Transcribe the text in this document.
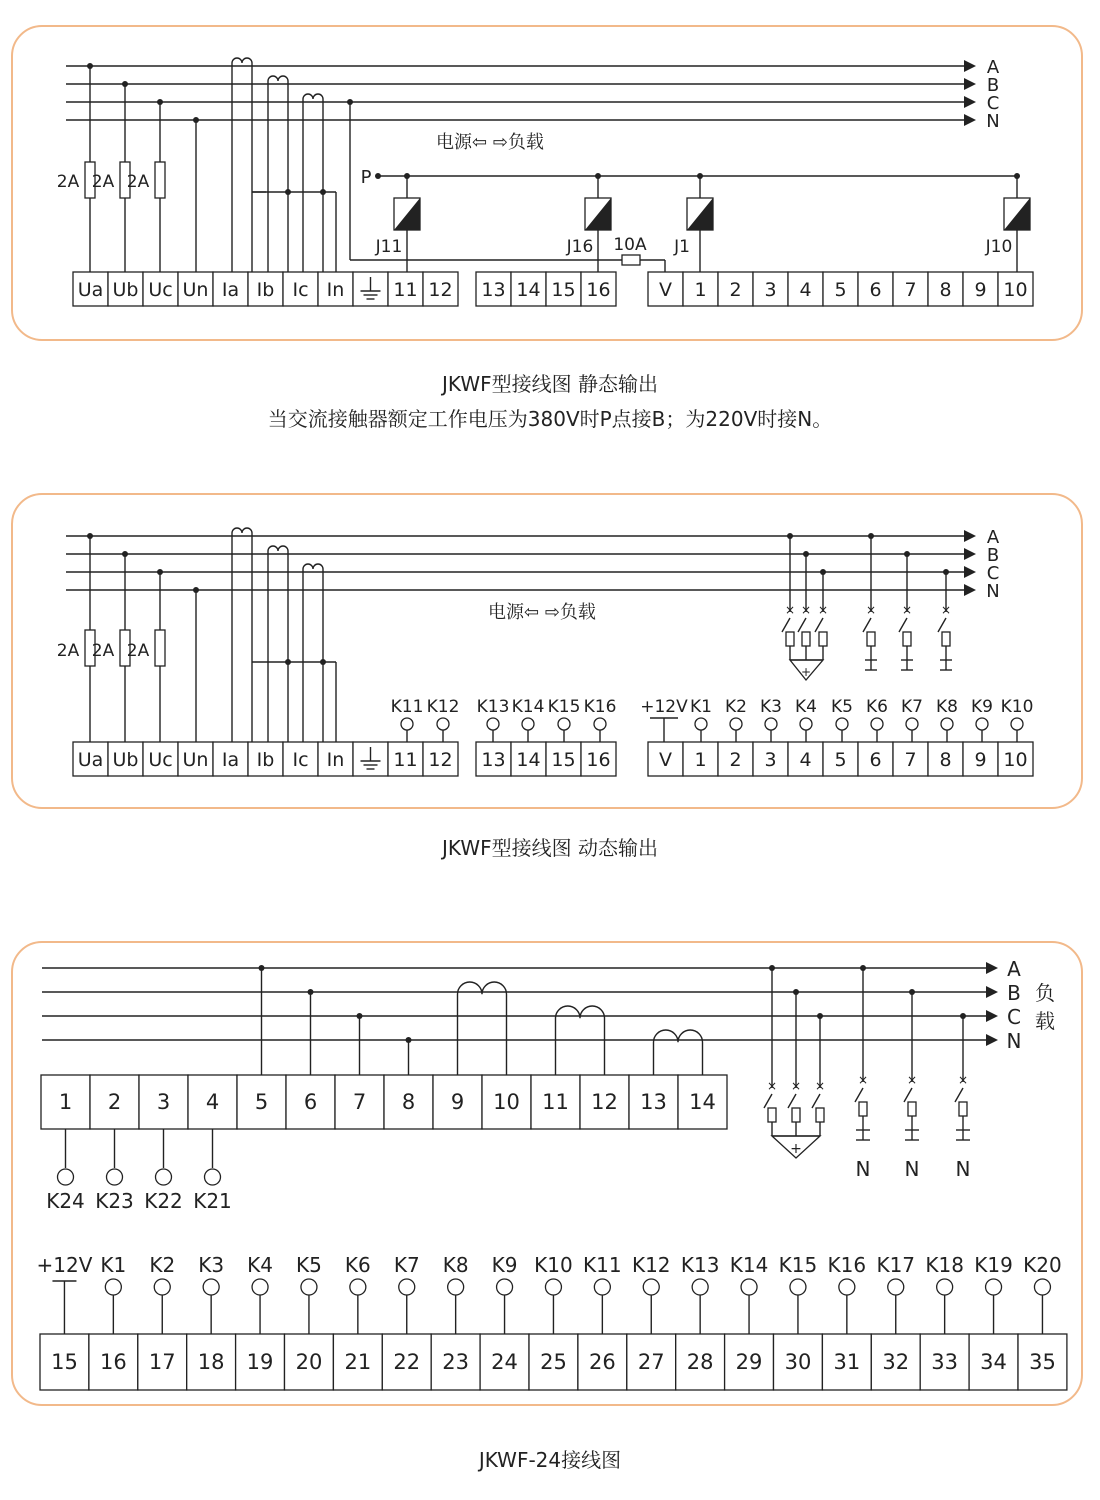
A
B
C
N
电源⇦ ⇨负载
2A 2A 2A
10A
P
J11	J16	J1	J10
Ua Ub Uc Un Ia Ib Ic In	11 12 13 14 15 16	V 1 2 3 4 5 6 7 8 9 10
A
B
C
N
电源⇦ ⇨负载
2A 2A 2A
× × ×
+
× × ×
K11 K12 K13 K14 K15 K16 +12V K1 K2 K3 K4 K5 K6 K7 K8 K9 K10
Ua Ub Uc Un Ia Ib Ic In	11 12 13 14 15 16	V 1 2 3 4 5 6 7 8 9 10
A
B
C
N
负
载
1 2 3 4 5 6 7 8 9 10 11 12 13 14
K24 K23 K22 K21
× × ×
+
×
N
×
N
×
N
15 16 17 18 19 20 21 22 23 24 25 26 27 28 29 30 31 32 33 34 35
+12V K1 K2 K3 K4 K5 K6 K7 K8 K9 K10 K11 K12 K13 K14 K15 K16 K17 K18 K19 K20
JKWF型接线图 静态输出
当交流接触器额定工作电压为380V时P点接B；为220V时接N。
JKWF型接线图 动态输出
JKWF-24接线图
